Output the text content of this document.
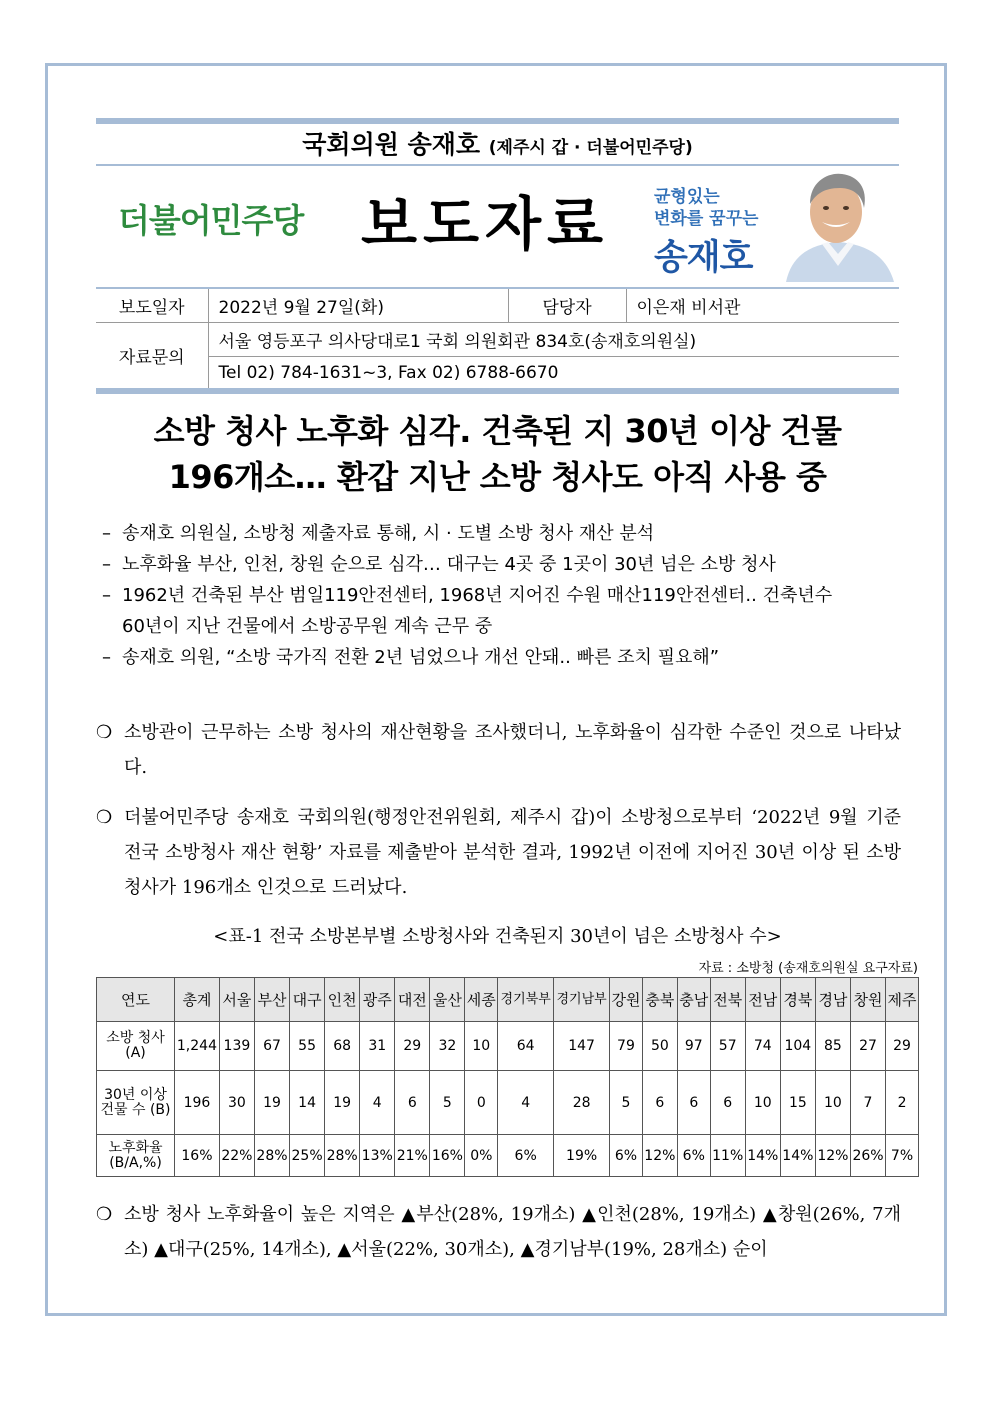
국회의원 송재호 (제주시 갑 · 더불어민주당)
더불어민주당 보도자료	균형있는
변화를 꿈꾸는
송재호
보도일자	2022년 9월 27일(화)	담당자	이은재 비서관
자료문의	서울 영등포구 의사당대로1 국회 의원회관 834호(송재호의원실)		
	Tel 02) 784-1631~3, Fax 02) 6788-6670		
소방 청사 노후화 심각. 건축된 지 30년 이상 건물
196개소… 환갑 지난 소방 청사도 아직 사용 중
– 송재호 의원실, 소방청 제출자료 통해, 시 · 도별 소방 청사 재산 분석
– 노후화율 부산, 인천, 창원 순으로 심각… 대구는 4곳 중 1곳이 30년 넘은 소방 청사
– 1962년 건축된 부산 범일119안전센터, 1968년 지어진 수원 매산119안전센터.. 건축년수
60년이 지난 건물에서 소방공무원 계속 근무 중
– 송재호 의원, “소방 국가직 전환 2년 넘었으나 개선 안돼.. 빠른 조치 필요해”
❍ 소방관이 근무하는 소방 청사의 재산현황을 조사했더니, 노후화율이 심각한 수준인 것으로 나타났다.
❍ 더불어민주당 송재호 국회의원(행정안전위원회, 제주시 갑)이 소방청으로부터 ‘2022년 9월 기준 전국 소방청사 재산 현황’ 자료를 제출받아 분석한 결과, 1992년 이전에 지어진 30년 이상 된 소방 청사가 196개소 인것으로 드러났다.
<표-1 전국 소방본부별 소방청사와 건축된지 30년이 넘은 소방청사 수>
자료 : 소방청 (송재호의원실 요구자료)
연도	총계	서울	부산	대구	인천	광주	대전	울산	세종	경기북부	경기남부	강원	충북	충남	전북	전남	경북	경남	창원	제주
소방 청사 (A)	1,244	139	67	55	68	31	29	32	10	64	147	79	50	97	57	74	104	85	27	29
30년 이상 건물 수 (B)	196	30	19	14	19	4	6	5	0	4	28	5	6	6	6	10	15	10	7	2
노후화율 (B/A,%)	16%	22%	28%	25%	28%	13%	21%	16%	0%	6%	19%	6%	12%	6%	11%	14%	14%	12%	26%	7%
❍ 소방 청사 노후화율이 높은 지역은 ▲부산(28%, 19개소) ▲인천(28%, 19개소) ▲창원(26%, 7개소) ▲대구(25%, 14개소), ▲서울(22%, 30개소), ▲경기남부(19%, 28개소) 순이
